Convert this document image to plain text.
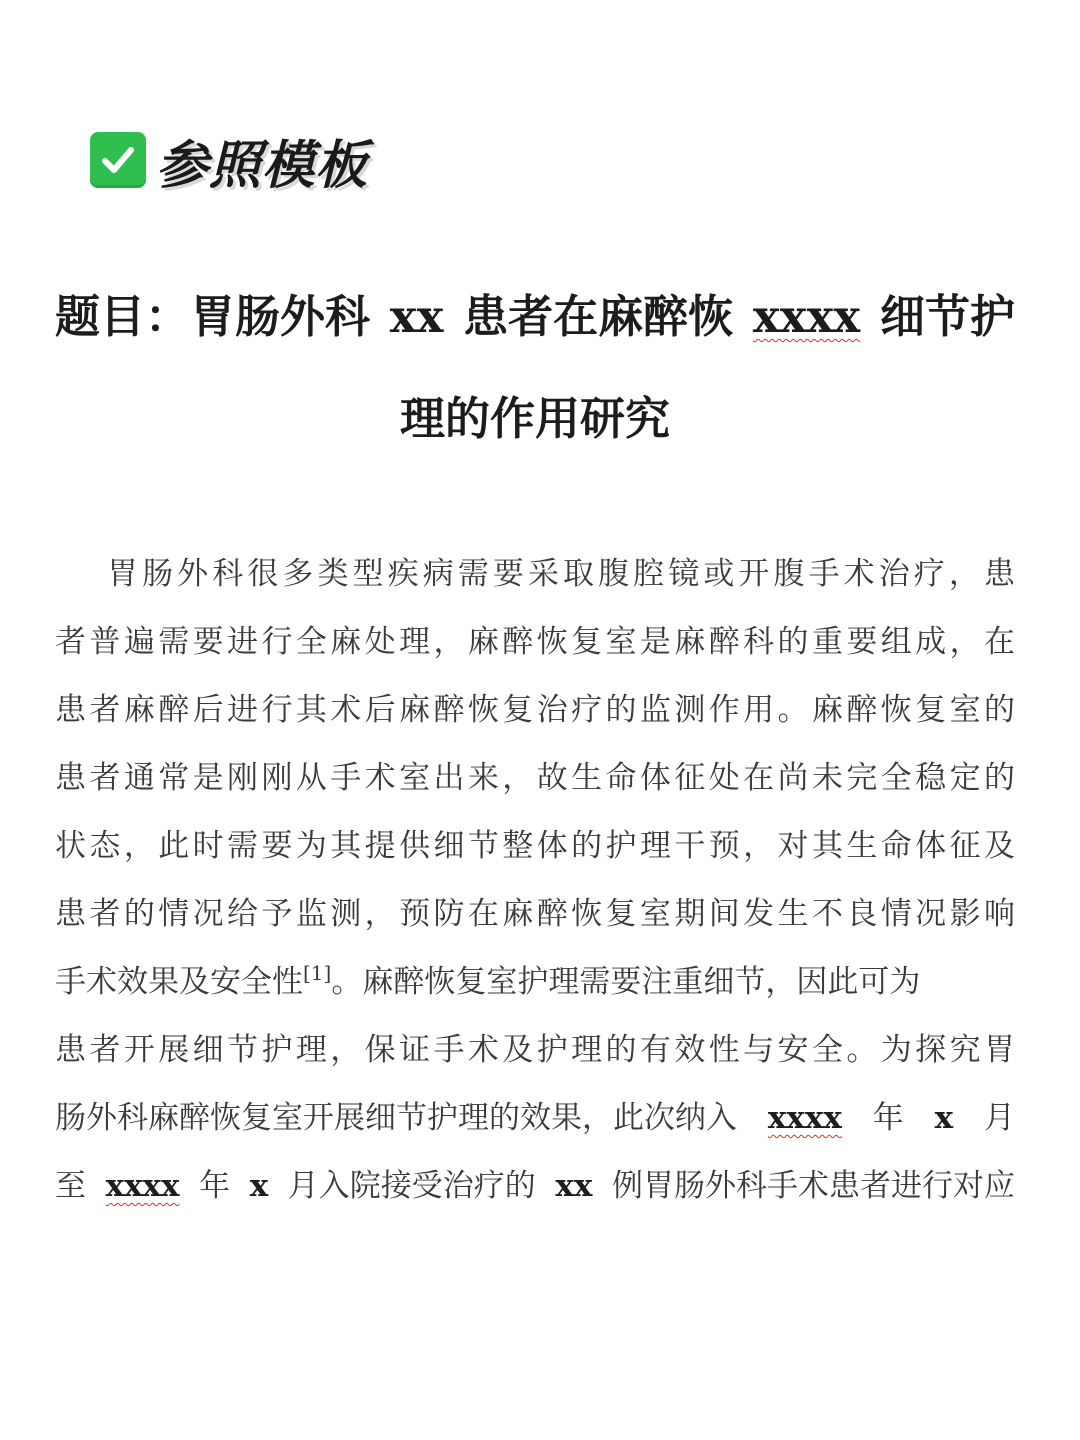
参照模板
题目：胃肠外科 xx 患者在麻醉恢 xxxx 细节护
理的作用研究
胃 肠 外 科 很 多 类 型 疾 病 需 要 采 取 腹 腔 镜 或 开 腹 手 术 治 疗 ， 患
者 普 遍 需 要 进 行 全 麻 处 理 ， 麻 醉 恢 复 室 是 麻 醉 科 的 重 要 组 成 ， 在
患 者 麻 醉 后 进 行 其 术 后 麻 醉 恢 复 治 疗 的 监 测 作 用 。 麻 醉 恢 复 室 的
患 者 通 常 是 刚 刚 从 手 术 室 出 来 ， 故 生 命 体 征 处 在 尚 未 完 全 稳 定 的
状 态 ， 此 时 需 要 为 其 提 供 细 节 整 体 的 护 理 干 预 ， 对 其 生 命 体 征 及
患 者 的 情 况 给 予 监 测 ， 预 防 在 麻 醉 恢 复 室 期 间 发 生 不 良 情 况 影 响
手术效果及安全性[1]。麻醉恢复室护理需要注重细节，因此可为
患 者 开 展 细 节 护 理 ， 保 证 手 术 及 护 理 的 有 效 性 与 安 全 。 为 探 究 胃
肠外科麻醉恢复室开展细节护理的效果，此次纳入 xxxx 年 x 月
至 xxxx 年 x 月入院接受治疗的 xx 例胃肠外科手术患者进行对应
